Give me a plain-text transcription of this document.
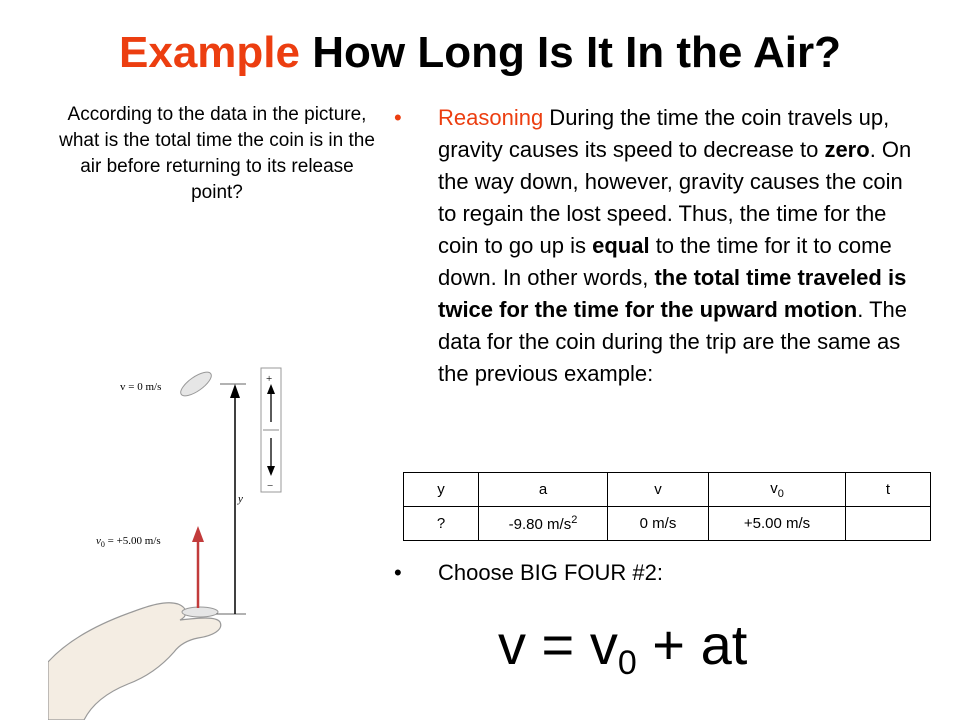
Example How Long Is It In the Air?
According to the data in the picture, what is the total time the coin is in the air before returning to its release point?
• Reasoning During the time the coin travels up, gravity causes its speed to decrease to zero. On the way down, however, gravity causes the coin to regain the lost speed. Thus, the time for the coin to go up is equal to the time for it to come down. In other words, the total time traveled is twice for the time for the upward motion. The data for the coin during the trip are the same as the previous example:

y	a	v	$v_0$	t
?	-9.80 $m/s^2$	0 m/s	+5.00 m/s	
• Choose BIG FOUR #2:
$v = v_0$ + at
y
v = 0 m/s
$v_0 = +5.00$ m/s
+
−
